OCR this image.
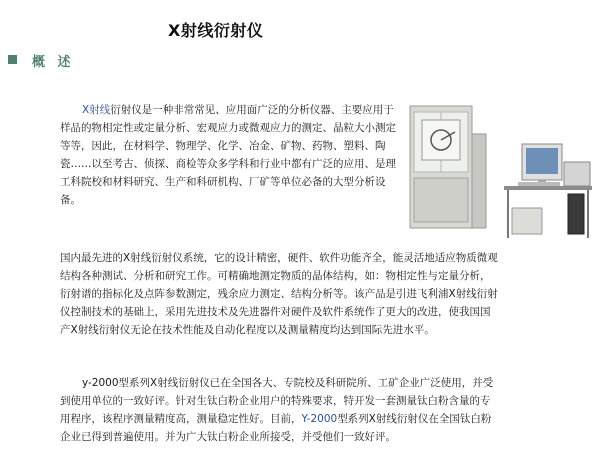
X射线衍射仪
概 述

X射线衍射仪是一种非常常见、应用面广泛的分析仪器、主要应用于样品的物相定性或定量分析、宏观应力或微观应力的测定、晶粒大小测定等等，因此，在材料学、物理学、化学、冶金、矿物、药物、塑料、陶瓷……以至考古、侦探、商检等众多学科和行业中都有广泛的应用、是理工科院校和材料研究、生产和科研机构、厂矿等单位必备的大型分析设备。

国内最先进的X射线衍射仪系统，它的设计精密，硬件、软件功能齐全，能灵活地适应物质微观结构各种测试、分析和研究工作。可精确地测定物质的晶体结构，如：物相定性与定量分析，衍射谱的指标化及点阵参数测定，残余应力测定、结构分析等。该产品是引进飞利浦X射线衍射仪控制技术的基础上，采用先进技术及先进器件对硬件及软件系统作了更大的改进，使我国国产X射线衍射仪无论在技术性能及自动化程度以及测量精度均达到国际先进水平。

y-2000型系列X射线衍射仪已在全国各大、专院校及科研院所、工矿企业广泛使用，并受到使用单位的一致好评。针对生钛白粉企业用户的特殊要求，特开发一套测量钛白粉含量的专用程序，该程序测量精度高，测量稳定性好。目前，Y-2000型系列X射线衍射仪在全国钛白粉企业已得到普遍使用。并为广大钛白粉企业所接受，并受他们一致好评。
